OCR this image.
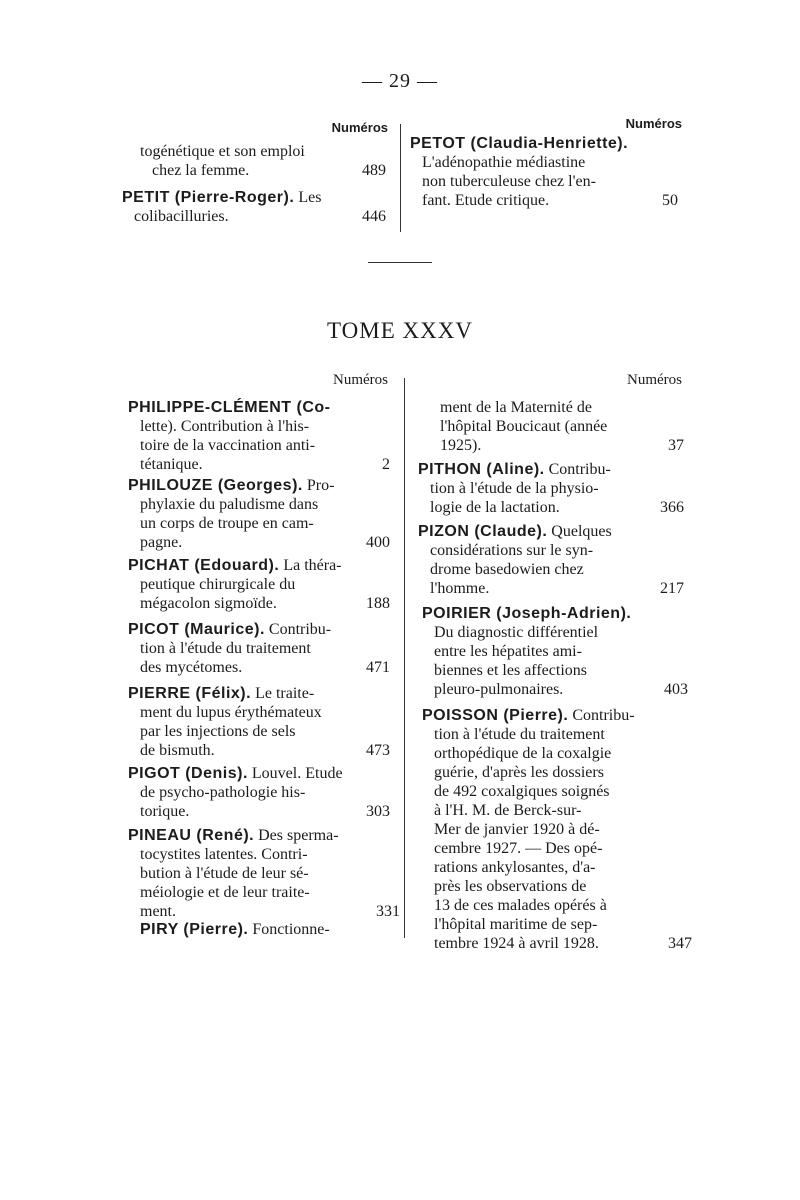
— 29 —
Numéros	Numéros
togénétique et son emploi
chez la femme.	489
PETIT (Pierre-Roger). Les
colibacilluries.	446
PETOT (Claudia-Henriette).
L'adénopathie médiastine
non tuberculeuse chez l'en-
fant. Etude critique.	50
TOME XXXV
Numéros	Numéros
PHILIPPE-CLÉMENT (Co-
lette). Contribution à l'his-
toire de la vaccination anti-
tétanique.	2
PHILOUZE (Georges). Pro-
phylaxie du paludisme dans
un corps de troupe en cam-
pagne.	400
PICHAT (Edouard). La théra-
peutique chirurgicale du
mégacolon sigmoïde.	188
PICOT (Maurice). Contribu-
tion à l'étude du traitement
des mycétomes.	471
PIERRE (Félix). Le traite-
ment du lupus érythémateux
par les injections de sels
de bismuth.	473
PIGOT (Denis). Louvel. Etude
de psycho-pathologie his-
torique.	303
PINEAU (René). Des sperma-
tocystites latentes. Contri-
bution à l'étude de leur sé-
méiologie et de leur traite-
ment.	331
PIRY (Pierre). Fonctionne-
ment de la Maternité de
l'hôpital Boucicaut (année
1925).	37
PITHON (Aline). Contribu-
tion à l'étude de la physio-
logie de la lactation.	366
PIZON (Claude). Quelques
considérations sur le syn-
drome basedowien chez
l'homme.	217
POIRIER (Joseph-Adrien).
Du diagnostic différentiel
entre les hépatites ami-
biennes et les affections
pleuro-pulmonaires.	403
POISSON (Pierre). Contribu-
tion à l'étude du traitement
orthopédique de la coxalgie
guérie, d'après les dossiers
de 492 coxalgiques soignés
à l'H. M. de Berck-sur-
Mer de janvier 1920 à dé-
cembre 1927. — Des opé-
rations ankylosantes, d'a-
près les observations de
13 de ces malades opérés à
l'hôpital maritime de sep-
tembre 1924 à avril 1928.	347
